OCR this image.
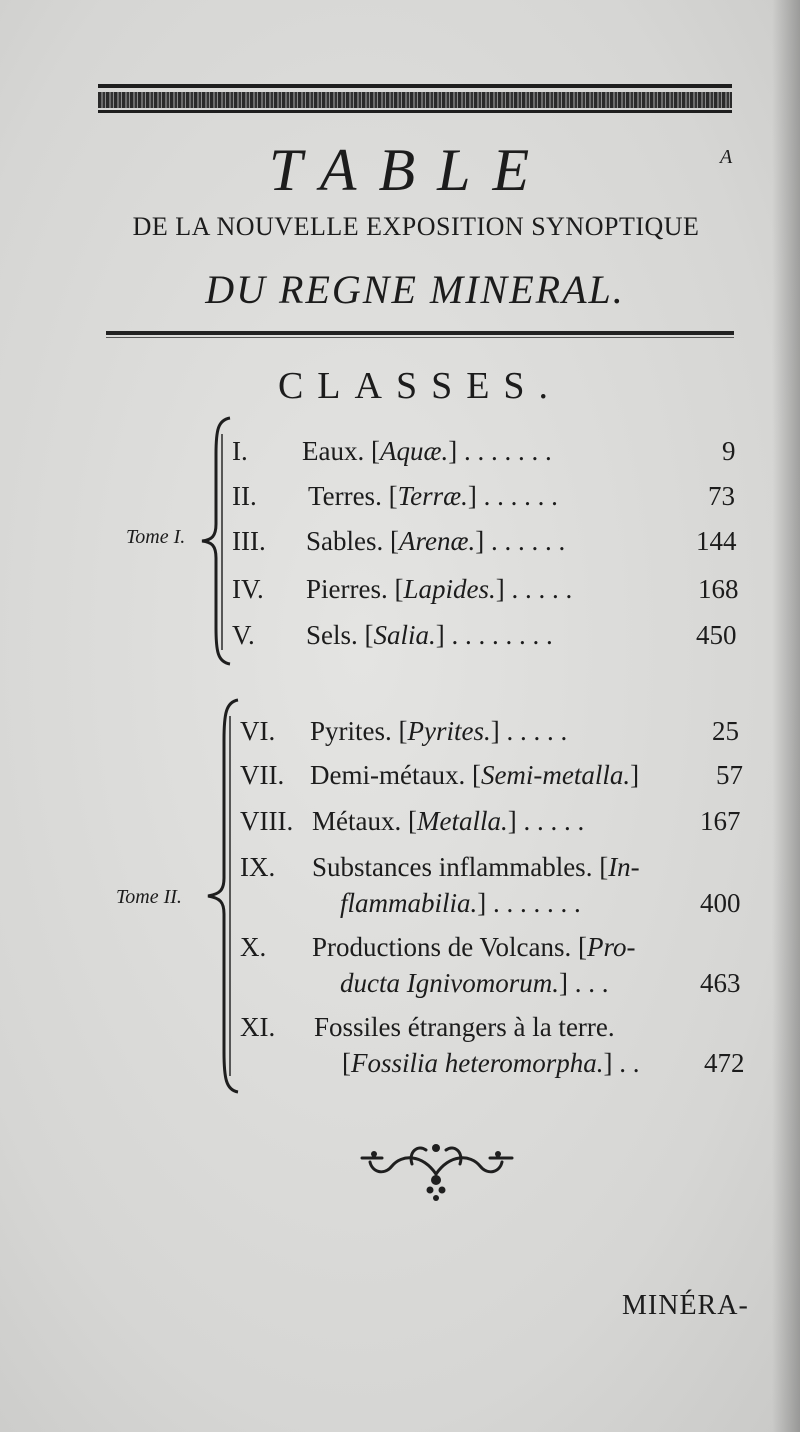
A
TABLE
DE LA NOUVELLE EXPOSITION SYNOPTIQUE
DU REGNE MINERAL.
CLASSES.
Tome I.
I. Eaux. [Aquæ.] . . . . . . .	9
II. Terres. [Terræ.] . . . . . .	73
III. Sables. [Arenæ.] . . . . . .	144
IV. Pierres. [Lapides.] . . . . .	168
V. Sels. [Salia.] . . . . . . . .	450
Tome II.
VI. Pyrites. [Pyrites.] . . . . .	25
VII. Demi-métaux. [Semi-metalla.]	57
VIII. Métaux. [Metalla.] . . . . .	167
IX. Substances inflammables. [In-
flammabilia.] . . . . . . .	400
X. Productions de Volcans. [Pro-
ducta Ignivomorum.] . . .	463
XI. Fossiles étrangers à la terre.
[Fossilia heteromorpha.] . . 472
MINÉRA-
